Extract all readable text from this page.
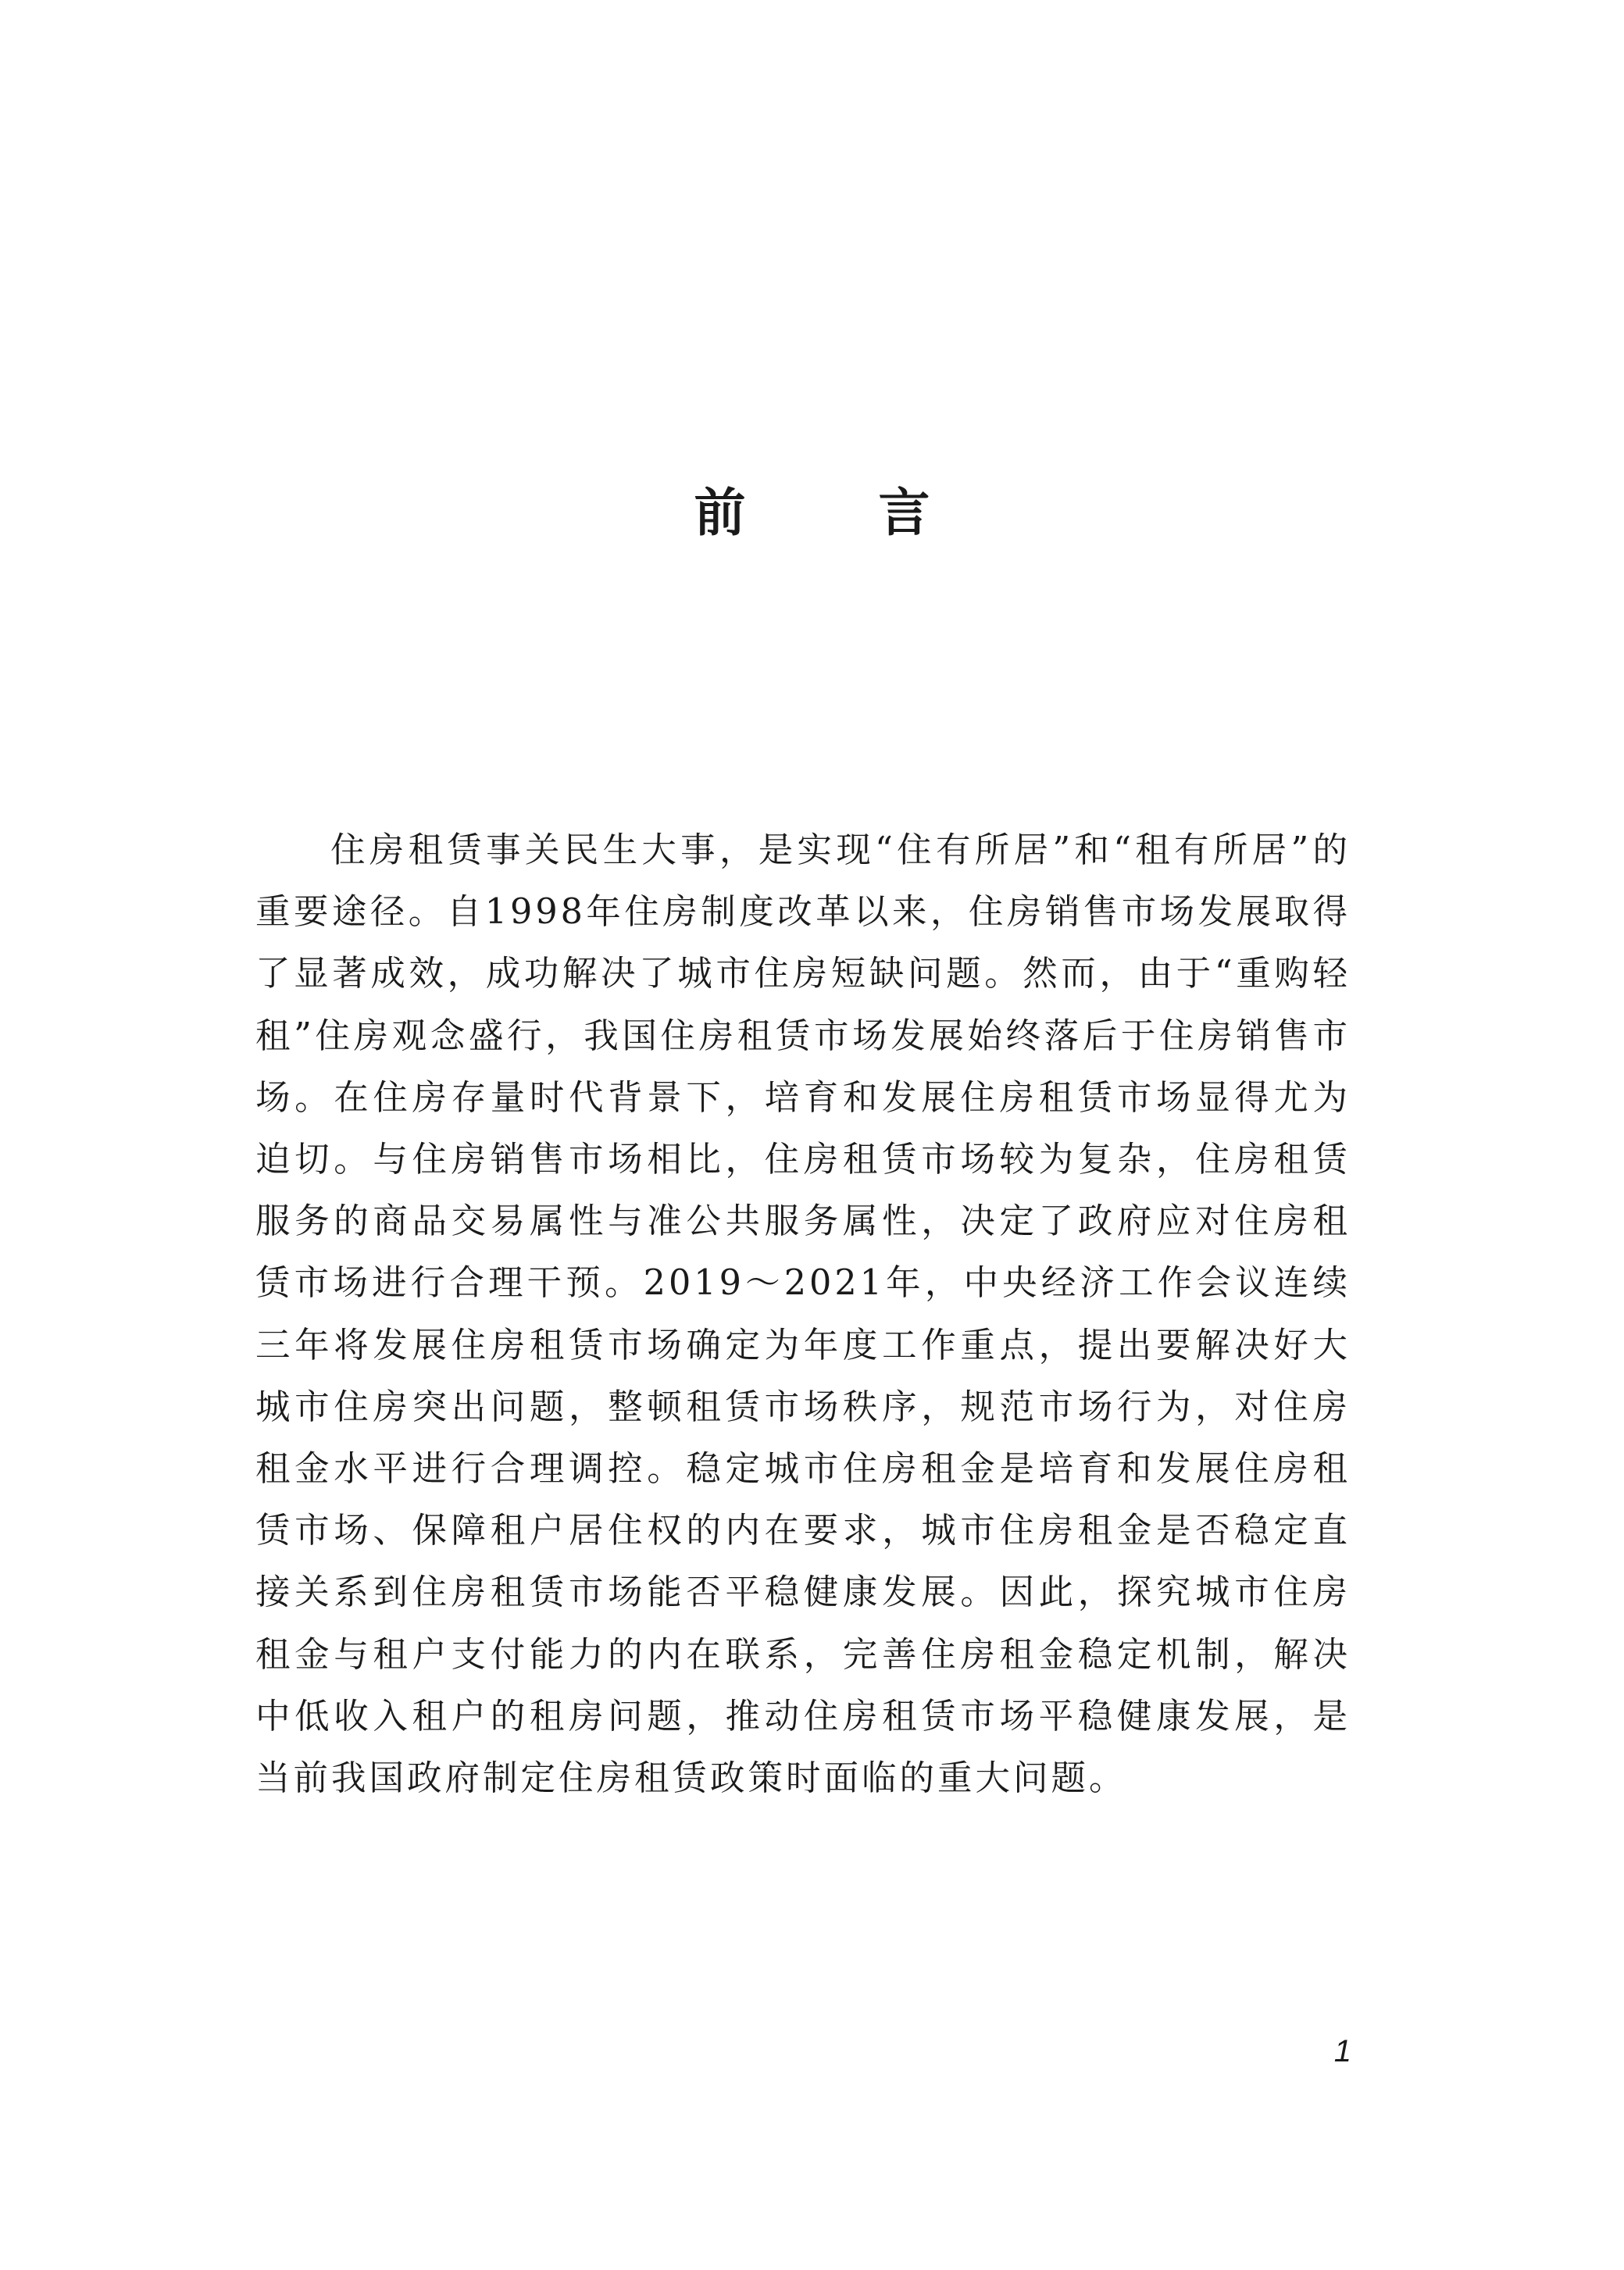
前	言

住房租赁事关民生大事，是实现“住有所居”和“租有所居”的重要途径。自1998年住房制度改革以来，住房销售市场发展取得了显著成效，成功解决了城市住房短缺问题。然而，由于“重购轻租”住房观念盛行，我国住房租赁市场发展始终落后于住房销售市场。在住房存量时代背景下，培育和发展住房租赁市场显得尤为迫切。与住房销售市场相比，住房租赁市场较为复杂，住房租赁服务的商品交易属性与准公共服务属性，决定了政府应对住房租赁市场进行合理干预。2019～2021年，中央经济工作会议连续三年将发展住房租赁市场确定为年度工作重点，提出要解决好大城市住房突出问题，整顿租赁市场秩序，规范市场行为，对住房租金水平进行合理调控。稳定城市住房租金是培育和发展住房租赁市场、保障租户居住权的内在要求，城市住房租金是否稳定直接关系到住房租赁市场能否平稳健康发展。因此，探究城市住房租金与租户支付能力的内在联系，完善住房租金稳定机制，解决中低收入租户的租房问题，推动住房租赁市场平稳健康发展，是当前我国政府制定住房租赁政策时面临的重大问题。

1
